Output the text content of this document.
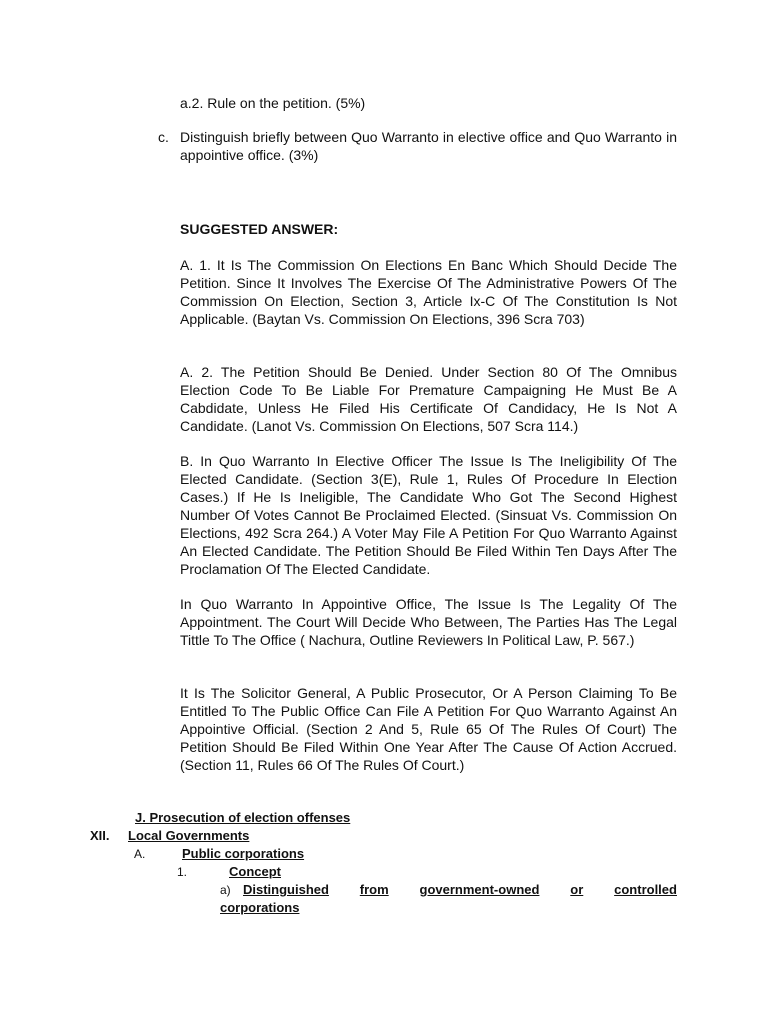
a.2. Rule on the petition. (5%)

c. Distinguish briefly between Quo Warranto in elective office and Quo Warranto in appointive office. (3%)

SUGGESTED ANSWER:

A. 1. It Is The Commission On Elections En Banc Which Should Decide The Petition. Since It Involves The Exercise Of The Administrative Powers Of The Commission On Election, Section 3, Article Ix-C Of The Constitution Is Not Applicable. (Baytan Vs. Commission On Elections, 396 Scra 703)

A. 2. The Petition Should Be Denied. Under Section 80 Of The Omnibus Election Code To Be Liable For Premature Campaigning He Must Be A Cabdidate, Unless He Filed His Certificate Of Candidacy, He Is Not A Candidate. (Lanot Vs. Commission On Elections, 507 Scra 114.)

B. In Quo Warranto In Elective Officer The Issue Is The Ineligibility Of The Elected Candidate. (Section 3(E), Rule 1, Rules Of Procedure In Election Cases.) If He Is Ineligible, The Candidate Who Got The Second Highest Number Of Votes Cannot Be Proclaimed Elected. (Sinsuat Vs. Commission On Elections, 492 Scra 264.) A Voter May File A Petition For Quo Warranto Against An Elected Candidate. The Petition Should Be Filed Within Ten Days After The Proclamation Of The Elected Candidate.

In Quo Warranto In Appointive Office, The Issue Is The Legality Of The Appointment. The Court Will Decide Who Between, The Parties Has The Legal Tittle To The Office ( Nachura, Outline Reviewers In Political Law, P. 567.)

It Is The Solicitor General, A Public Prosecutor, Or A Person Claiming To Be Entitled To The Public Office Can File A Petition For Quo Warranto Against An Appointive Official. (Section 2 And 5, Rule 65 Of The Rules Of Court) The Petition Should Be Filed Within One Year After The Cause Of Action Accrued. (Section 11, Rules 66 Of The Rules Of Court.)

J. Prosecution of election offenses
XII. Local Governments
A.	Public corporations
1.	Concept
a) Distinguished from government-owned or controlled
corporations
